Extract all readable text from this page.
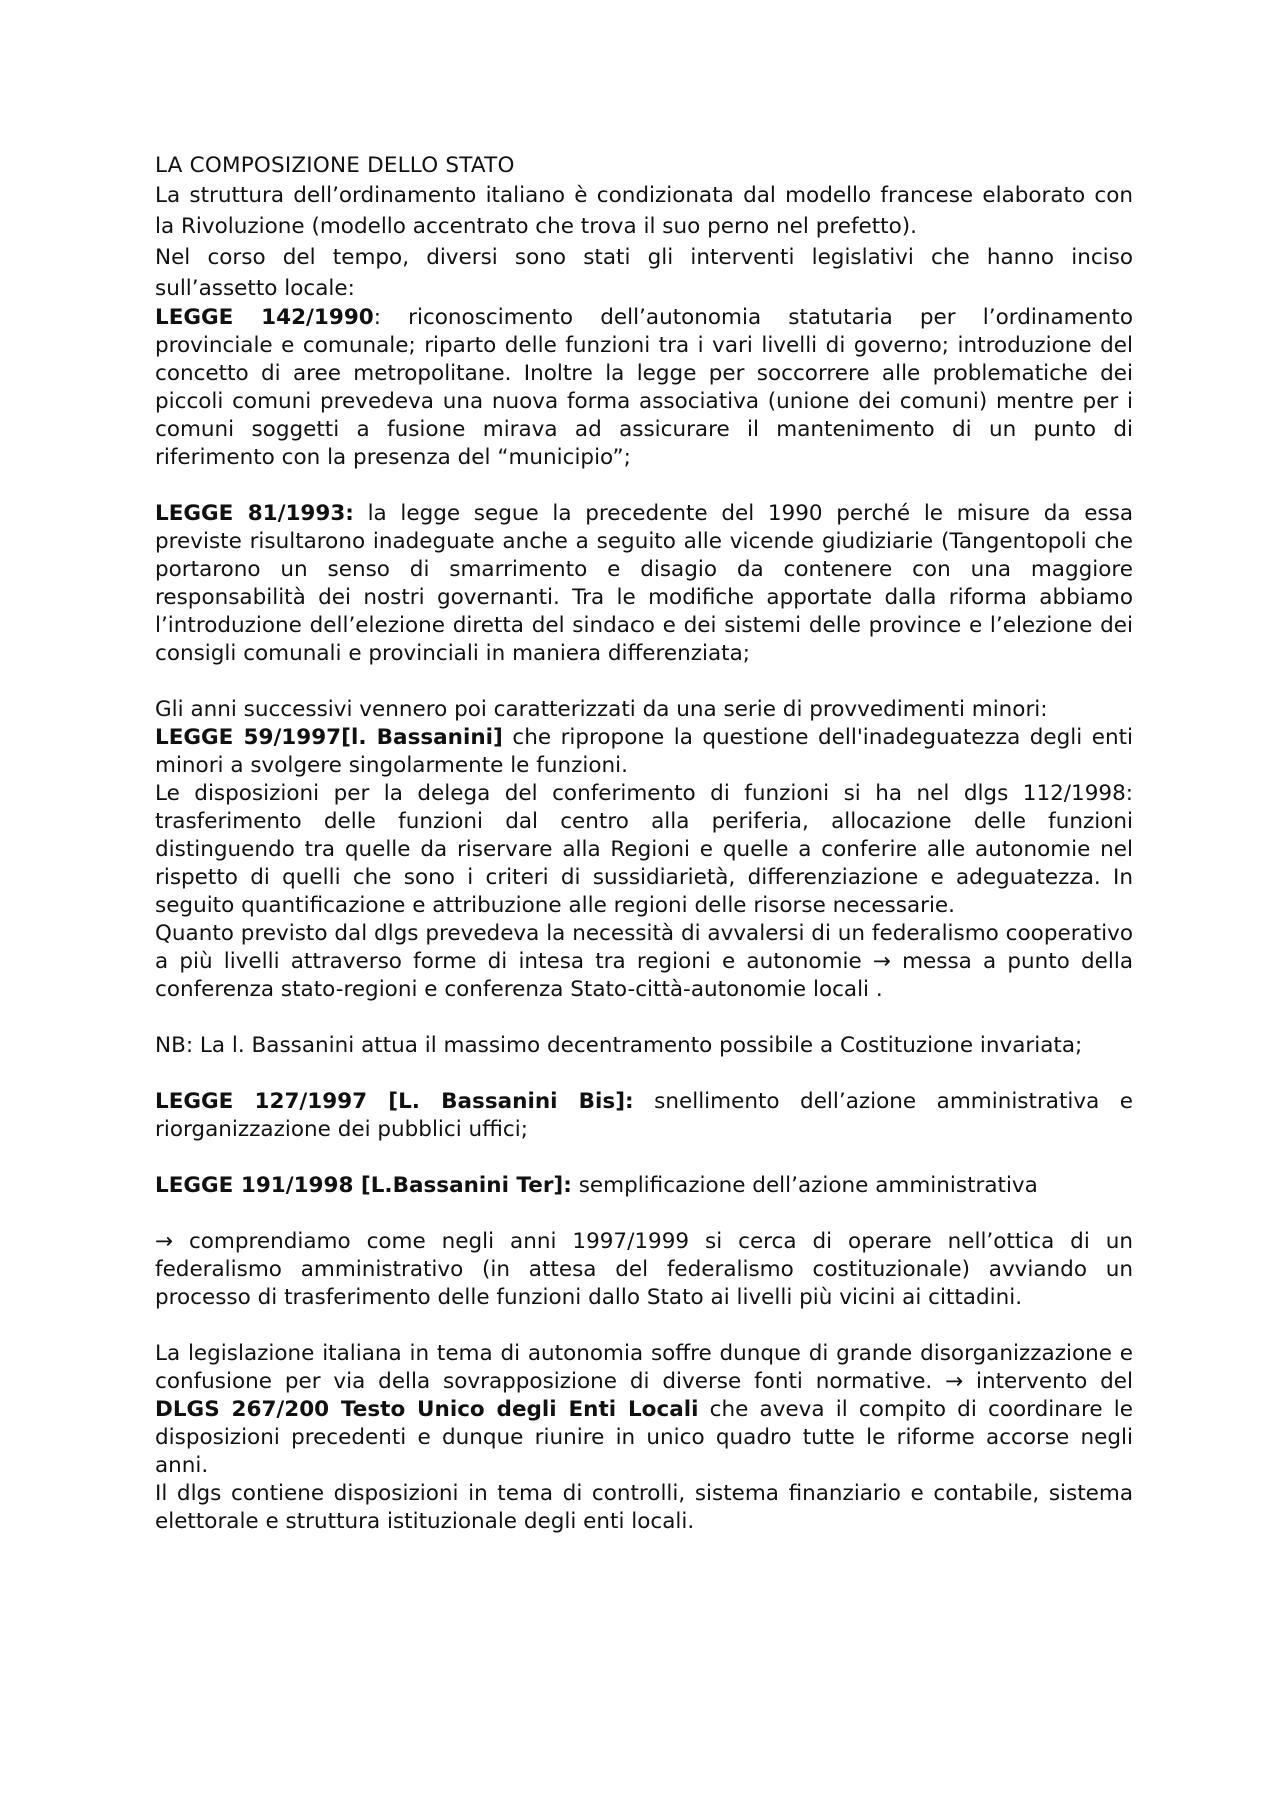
LA COMPOSIZIONE DELLO STATO

La struttura dell’ordinamento italiano è condizionata dal modello francese elaborato con la Rivoluzione (modello accentrato che trova il suo perno nel prefetto).

Nel corso del tempo, diversi sono stati gli interventi legislativi che hanno inciso sull’assetto locale:

LEGGE 142/1990: riconoscimento dell’autonomia statutaria per l’ordinamento provinciale e comunale; riparto delle funzioni tra i vari livelli di governo; introduzione del concetto di aree metropolitane. Inoltre la legge per soccorrere alle problematiche dei piccoli comuni prevedeva una nuova forma associativa (unione dei comuni) mentre per i comuni soggetti a fusione mirava ad assicurare il mantenimento di un punto di riferimento con la presenza del “municipio”;

LEGGE 81/1993: la legge segue la precedente del 1990 perché le misure da essa previste risultarono inadeguate anche a seguito alle vicende giudiziarie (Tangentopoli che portarono un senso di smarrimento e disagio da contenere con una maggiore responsabilità dei nostri governanti. Tra le modifiche apportate dalla riforma abbiamo l’introduzione dell’elezione diretta del sindaco e dei sistemi delle province e l’elezione dei consigli comunali e provinciali in maniera differenziata;

Gli anni successivi vennero poi caratterizzati da una serie di provvedimenti minori:

LEGGE 59/1997[l. Bassanini] che ripropone la questione dell'inadeguatezza degli enti minori a svolgere singolarmente le funzioni.

Le disposizioni per la delega del conferimento di funzioni si ha nel dlgs 112/1998: trasferimento delle funzioni dal centro alla periferia, allocazione delle funzioni distinguendo tra quelle da riservare alla Regioni e quelle a conferire alle autonomie nel rispetto di quelli che sono i criteri di sussidiarietà, differenziazione e adeguatezza. In seguito quantificazione e attribuzione alle regioni delle risorse necessarie.

Quanto previsto dal dlgs prevedeva la necessità di avvalersi di un federalismo cooperativo a più livelli attraverso forme di intesa tra regioni e autonomie → messa a punto della conferenza stato-regioni e conferenza Stato-città-autonomie locali .

NB: La l. Bassanini attua il massimo decentramento possibile a Costituzione invariata;

LEGGE 127/1997 [L. Bassanini Bis]: snellimento dell’azione amministrativa e riorganizzazione dei pubblici uffici;

LEGGE 191/1998 [L.Bassanini Ter]: semplificazione dell’azione amministrativa

→ comprendiamo come negli anni 1997/1999 si cerca di operare nell’ottica di un federalismo amministrativo (in attesa del federalismo costituzionale) avviando un processo di trasferimento delle funzioni dallo Stato ai livelli più vicini ai cittadini.

La legislazione italiana in tema di autonomia soffre dunque di grande disorganizzazione e confusione per via della sovrapposizione di diverse fonti normative. → intervento del DLGS 267/200 Testo Unico degli Enti Locali che aveva il compito di coordinare le disposizioni precedenti e dunque riunire in unico quadro tutte le riforme accorse negli anni.

Il dlgs contiene disposizioni in tema di controlli, sistema finanziario e contabile, sistema elettorale e struttura istituzionale degli enti locali.
